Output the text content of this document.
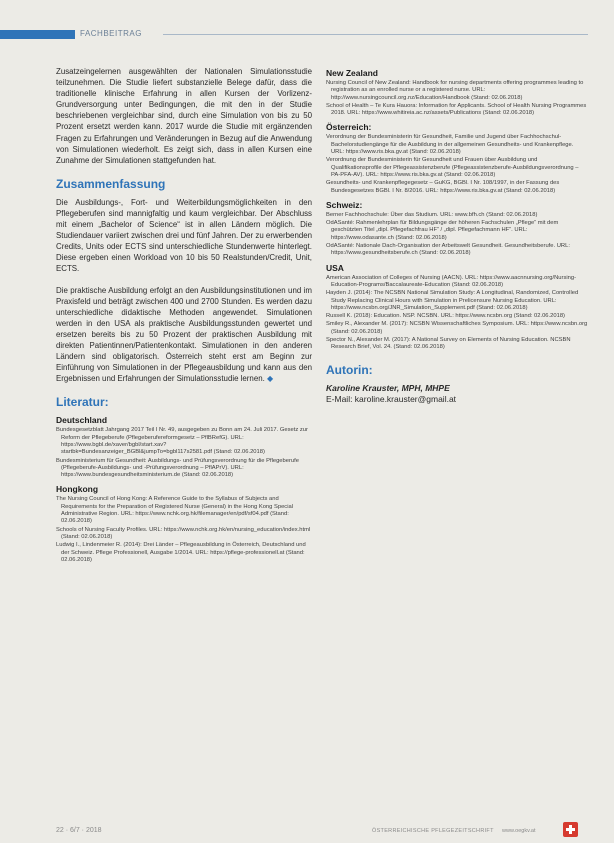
FACHBEITRAG

Zusatzeingelernen ausgewählten der Nationalen Simulationsstudie teilzunehmen. Die Studie liefert substanzielle Belege dafür, dass die traditionelle klinische Erfahrung in allen Kursen der Vorlizenz-Grundversorgung unter Bedingungen, die mit den in der Studie beschriebenen vergleichbar sind, durch eine Simulation von bis zu 50 Prozent ersetzt werden kann. 2017 wurde die Studie mit ergänzenden Fragen zu Erfahrungen und Veränderungen in Bezug auf die Anwendung von Simulationen wiederholt. Es zeigt sich, dass in allen Kursen eine Zunahme der Simulationen stattgefunden hat.

Zusammenfassung

Die Ausbildungs-, Fort- und Weiterbildungsmöglichkeiten in den Pflegeberufen sind mannigfaltig und kaum vergleichbar. Der Abschluss mit einem „Bachelor of Science“ ist in allen Ländern möglich. Die Studiendauer variiert zwischen drei und fünf Jahren. Der zu erwerbenden Credits, Units oder ECTS sind unterschiedliche Stundenwerte hinterlegt. Diese ergeben einen Workload von 10 bis 50 Realstunden/Credit, Unit, ECTS.

Die praktische Ausbildung erfolgt an den Ausbildungsinstitutionen und im Praxisfeld und beträgt zwischen 400 und 2700 Stunden. Es werden dazu unterschiedliche didaktische Methoden angewendet. Simulationen werden in den USA als praktische Ausbildungsstunden gewertet und ersetzen bereits bis zu 50 Prozent der praktischen Ausbildung mit direkten Patientinnen/Patientenkontakt. Simulationen in den anderen Ländern sind obligatorisch. Österreich steht erst am Beginn zur Einführung von Simulationen in der Pflegeausbildung und kann aus den Ergebnissen und Erfahrungen der Simulationsstudie lernen. ◆

Literatur:
Deutschland

Bundesgesetzblatt Jahrgang 2017 Teil I Nr. 49, ausgegeben zu Bonn am 24. Juli 2017. Gesetz zur Reform der Pflegeberufe (Pflegeberufereformgesetz – PflBRefG). URL: https://www.bgbl.de/xaver/bgbl/start.xav?startbk=Bundesanzeiger_BGBl&jumpTo=bgbl117s2581.pdf (Stand: 02.06.2018)

Bundesministerium für Gesundheit: Ausbildungs- und Prüfungsverordnung für die Pflegeberufe (Pflegeberufe-Ausbildungs- und -Prüfungsverordnung – PflAPrV). URL: https://www.bundesgesundheitsministerium.de (Stand: 02.06.2018)

Hongkong

The Nursing Council of Hong Kong: A Reference Guide to the Syllabus of Subjects and Requirements for the Preparation of Registered Nurse (General) in the Hong Kong Special Administrative Region. URL: https://www.nchk.org.hk/filemanager/en/pdf/sf04.pdf (Stand: 02.06.2018)

Schools of Nursing Faculty Profiles. URL: https://www.nchk.org.hk/en/nursing_education/index.html (Stand: 02.06.2018)

Ludwig I., Lindenmeier R. (2014): Drei Länder – Pflegeausbildung in Österreich, Deutschland und der Schweiz. Pflege Professionell, Ausgabe 1/2014. URL: https://pflege-professionell.at (Stand: 02.06.2018)

New Zealand

Nursing Council of New Zealand: Handbook for nursing departments offering programmes leading to registration as an enrolled nurse or a registered nurse. URL: http://www.nursingcouncil.org.nz/Education/Handbook (Stand: 02.06.2018)

School of Health – Te Kura Hauora: Information for Applicants. School of Health Nursing Programmes 2018. URL: https://www.whitireia.ac.nz/assets/Publications (Stand: 02.06.2018)

Österreich:

Verordnung der Bundesministerin für Gesundheit, Familie und Jugend über Fachhochschul-Bachelorstudiengänge für die Ausbildung in der allgemeinen Gesundheits- und Krankenpflege. URL: https://www.ris.bka.gv.at (Stand: 02.06.2018)

Verordnung der Bundesministerin für Gesundheit und Frauen über Ausbildung und Qualifikationsprofile der Pflegeassistenzberufe (Pflegeassistenzberufe-Ausbildungsverordnung – PA-PFA-AV). URL: https://www.ris.bka.gv.at (Stand: 02.06.2018)

Gesundheits- und Krankenpflegegesetz – GuKG, BGBl. I Nr. 108/1997, in der Fassung des Bundesgesetzes BGBl. I Nr. 8/2016. URL: https://www.ris.bka.gv.at (Stand: 02.06.2018)

Schweiz:

Berner Fachhochschule: Über das Studium. URL: www.bfh.ch (Stand: 02.06.2018)

OdASanté: Rahmenlehrplan für Bildungsgänge der höheren Fachschulen „Pflege“ mit dem geschützten Titel „dipl. Pflegefachfrau HF“ / „dipl. Pflegefachmann HF“. URL: https://www.odasante.ch (Stand: 02.06.2018)

OdASanté: Nationale Dach-Organisation der Arbeitswelt Gesundheit. Gesundheitsberufe. URL: https://www.gesundheitsberufe.ch (Stand: 02.06.2018)

USA

American Association of Colleges of Nursing (AACN). URL: https://www.aacnnursing.org/Nursing-Education-Programs/Baccalaureate-Education (Stand: 02.06.2018)

Hayden J. (2014): The NCSBN National Simulation Study: A Longitudinal, Randomized, Controlled Study Replacing Clinical Hours with Simulation in Prelicensure Nursing Education. URL: https://www.ncsbn.org/JNR_Simulation_Supplement.pdf (Stand: 02.06.2018)

Russell K. (2018): Education. NSP. NCSBN. URL: https://www.ncsbn.org (Stand: 02.06.2018)

Smiley R., Alexander M. (2017): NCSBN Wissenschaftliches Symposium. URL: https://www.ncsbn.org (Stand: 02.06.2018)

Spector N., Alexander M. (2017): A National Survey on Elements of Nursing Education. NCSBN Research Brief, Vol. 24. (Stand: 02.06.2018)

Autorin:
Karoline Krauster, MPH, MHPE
E-Mail: karoline.krauster@gmail.at
22 · 6/7 · 2018	ÖSTERREICHISCHE PFLEGEZEITSCHRIFT www.oegkv.at
